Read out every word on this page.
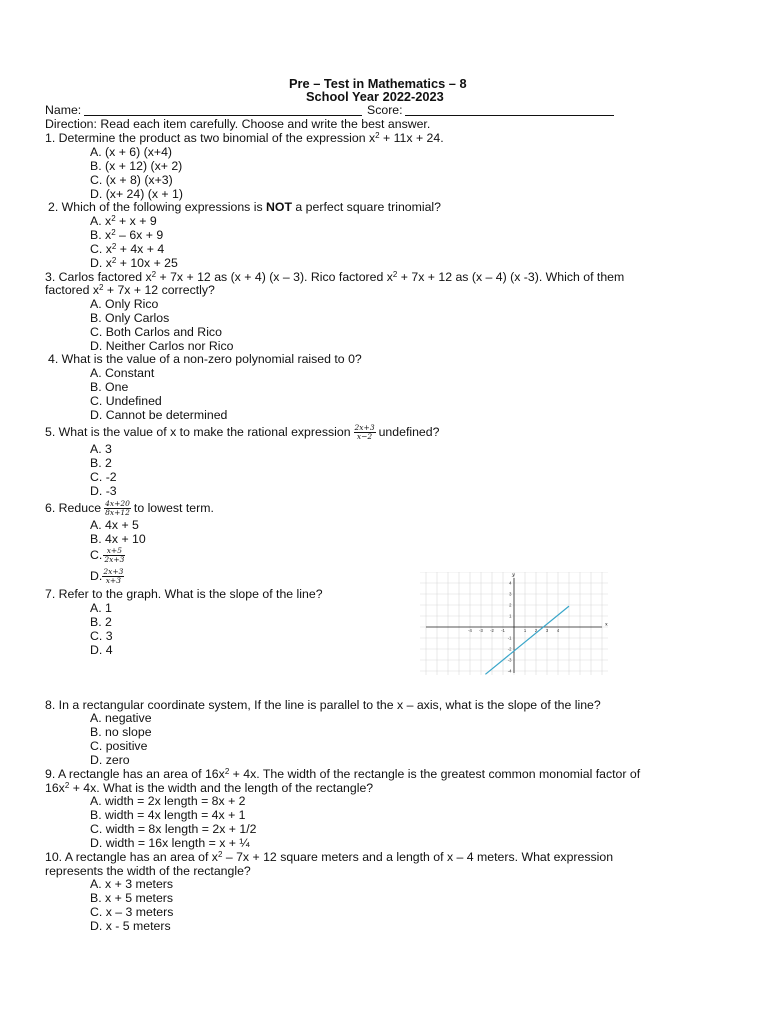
Pre – Test in Mathematics – 8
School Year 2022-2023
Name:	Score:
Direction: Read each item carefully. Choose and write the best answer.
1. Determine the product as two binomial of the expression $x^2 + 11x + 24$.
A. (x + 6) (x+4)
B. (x + 12) (x+ 2)
C. (x + 8) (x+3)
D. (x+ 24) (x + 1)
2. Which of the following expressions is NOT a perfect square trinomial?
A. $x^2 + x + 9$
B. $x^2 - 6x + 9$
C. $x^2 + 4x + 4$
D. $x^2 + 10x + 25$
3. Carlos factored $x^2 + 7x + 12$ as (x + 4) (x – 3). Rico factored $x^2 + 7x + 12$ as (x – 4) (x -3). Which of them
factored $x^2 + 7x + 12$ correctly?
A. Only Rico
B. Only Carlos
C. Both Carlos and Rico
D. Neither Carlos nor Rico
4. What is the value of a non-zero polynomial raised to 0?
A. Constant
B. One
C. Undefined
D. Cannot be determined
5. What is the value of x to make the rational expression $\frac{2x+3}{x-2}$ undefined?
A. 3
B. 2
C. -2
D. -3
6. Reduce $\frac{4x+20}{8x+12}$ to lowest term.
A. 4x + 5
B. 4x + 10
C. $\frac{x+5}{2x+3}$
D. $\frac{2x+3}{x+3}$
7. Refer to the graph. What is the slope of the line?
A. 1
B. 2
C. 3
D. 4
x
y
-4 -3 -2 -1	1 2 3 4
4
3
2
1
-1
-2
-3
-4
8. In a rectangular coordinate system, If the line is parallel to the x – axis, what is the slope of the line?
A. negative
B. no slope
C. positive
D. zero
9. A rectangle has an area of $16x^2 + 4x$. The width of the rectangle is the greatest common monomial factor of
$16x^2 + 4x$. What is the width and the length of the rectangle?
A. width = 2x length = 8x + 2
B. width = 4x length = 4x + 1
C. width = 8x length = 2x + 1/2
D. width = 16x length = x + ¼
10. A rectangle has an area of $x^2 - 7x + 12$ square meters and a length of x – 4 meters. What expression
represents the width of the rectangle?
A. x + 3 meters
B. x + 5 meters
C. x – 3 meters
D. x - 5 meters
